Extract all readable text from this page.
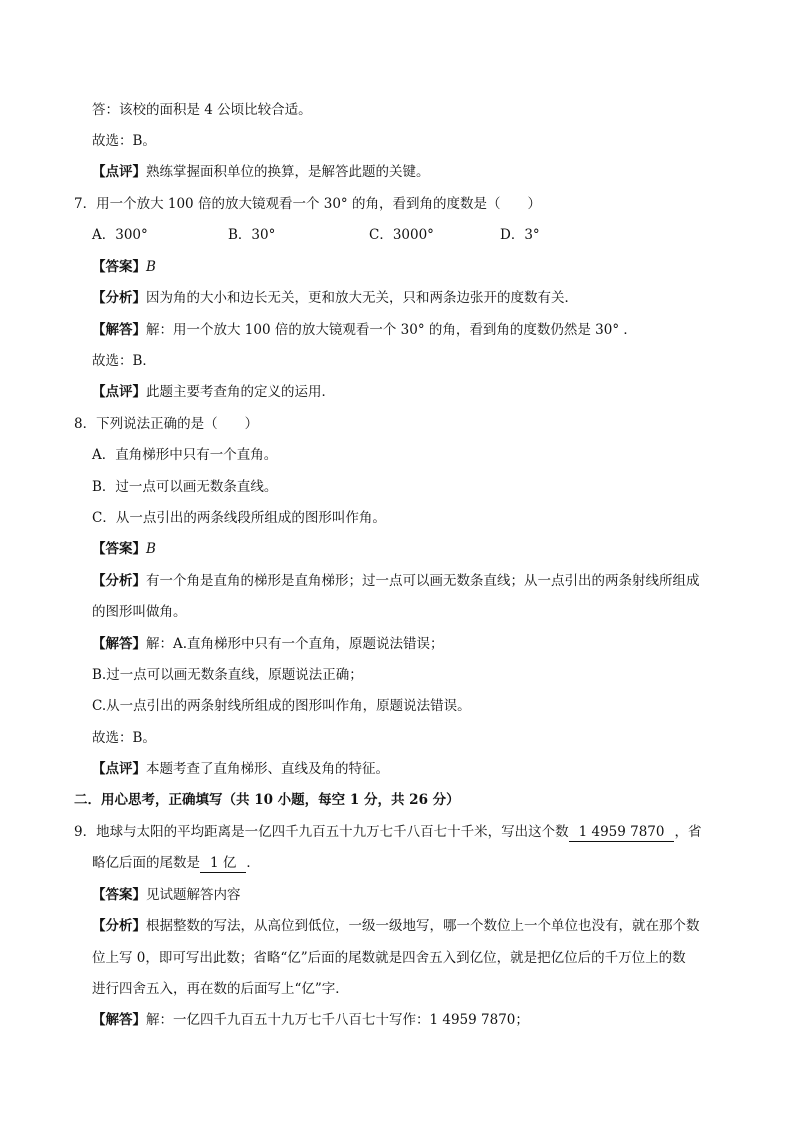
答：该校的面积是 4 公顷比较合适。
故选：B。
【点评】熟练掌握面积单位的换算，是解答此题的关键。
7．用一个放大 100 倍的放大镜观看一个 30° 的角，看到角的度数是（　　）
A．300°	B．30°	C．3000°	D．3°
【答案】B
【分析】因为角的大小和边长无关，更和放大无关，只和两条边张开的度数有关．
【解答】解：用一个放大 100 倍的放大镜观看一个 30° 的角，看到角的度数仍然是 30° ．
故选：B．
【点评】此题主要考查角的定义的运用．
8．下列说法正确的是（　　）
A．直角梯形中只有一个直角。
B．过一点可以画无数条直线。
C．从一点引出的两条线段所组成的图形叫作角。
【答案】B
【分析】有一个角是直角的梯形是直角梯形；过一点可以画无数条直线；从一点引出的两条射线所组成
的图形叫做角。
【解答】解：A.直角梯形中只有一个直角，原题说法错误；
B.过一点可以画无数条直线，原题说法正确；
C.从一点引出的两条射线所组成的图形叫作角，原题说法错误。
故选：B。
【点评】本题考查了直角梯形、直线及角的特征。
二．用心思考，正确填写（共 10 小题，每空 1 分，共 26 分）
9．地球与太阳的平均距离是一亿四千九百五十九万七千八百七十千米，写出这个数 1 4959 7870 ，省
略亿后面的尾数是 1 亿 ．
【答案】见试题解答内容
【分析】根据整数的写法，从高位到低位，一级一级地写，哪一个数位上一个单位也没有，就在那个数
位上写 0，即可写出此数；省略“亿”后面的尾数就是四舍五入到亿位，就是把亿位后的千万位上的数
进行四舍五入，再在数的后面写上“亿”字．
【解答】解：一亿四千九百五十九万七千八百七十写作：1 4959 7870；
